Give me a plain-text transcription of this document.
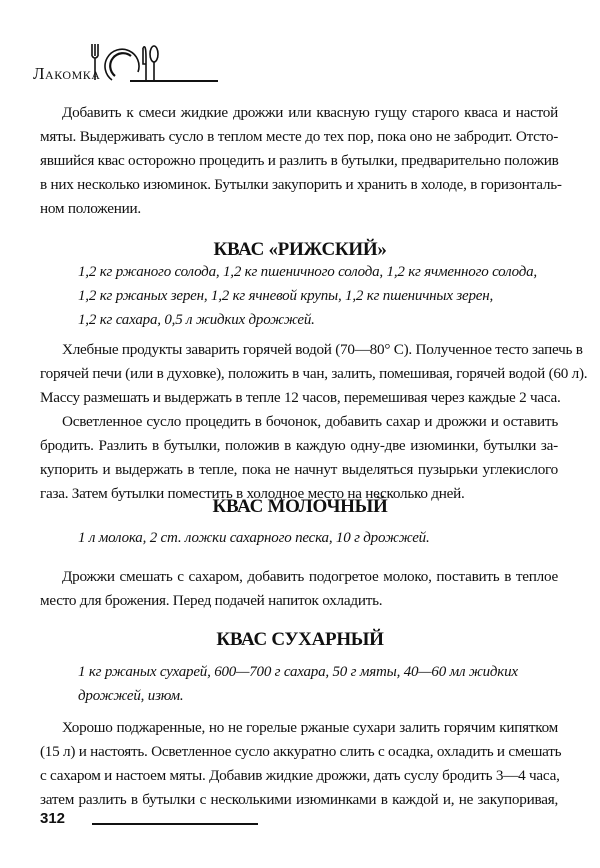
Лакомка
Добавить к смеси жидкие дрожжи или квасную гущу старого кваса и настой
мяты. Выдерживать сусло в теплом месте до тех пор, пока оно не забродит. Отсто-
явшийся квас осторожно процедить и разлить в бутылки, предварительно положив
в них несколько изюминок. Бутылки закупорить и хранить в холоде, в горизонталь-
ном положении.
КВАС «РИЖСКИЙ»
1,2 кг ржаного солода, 1,2 кг пшеничного солода, 1,2 кг ячменного солода,
1,2 кг ржаных зерен, 1,2 кг ячневой крупы, 1,2 кг пшеничных зерен,
1,2 кг сахара, 0,5 л жидких дрожжей.
Хлебные продукты заварить горячей водой (70—80° С). Полученное тесто запечь в
горячей печи (или в духовке), положить в чан, залить, помешивая, горячей водой (60 л).
Массу размешать и выдержать в тепле 12 часов, перемешивая через каждые 2 часа.
Осветленное сусло процедить в бочонок, добавить сахар и дрожжи и оставить
бродить. Разлить в бутылки, положив в каждую одну-две изюминки, бутылки за-
купорить и выдержать в тепле, пока не начнут выделяться пузырьки углекислого
газа. Затем бутылки поместить в холодное место на несколько дней.
КВАС МОЛОЧНЫЙ
1 л молока, 2 ст. ложки сахарного песка, 10 г дрожжей.
Дрожжи смешать с сахаром, добавить подогретое молоко, поставить в теплое
место для брожения. Перед подачей напиток охладить.
КВАС СУХАРНЫЙ
1 кг ржаных сухарей, 600—700 г сахара, 50 г мяты, 40—60 мл жидких
дрожжей, изюм.
Хорошо поджаренные, но не горелые ржаные сухари залить горячим кипятком
(15 л) и настоять. Осветленное сусло аккуратно слить с осадка, охладить и смешать
с сахаром и настоем мяты. Добавив жидкие дрожжи, дать суслу бродить 3—4 часа,
затем разлить в бутылки с несколькими изюминками в каждой и, не закупоривая,
312
